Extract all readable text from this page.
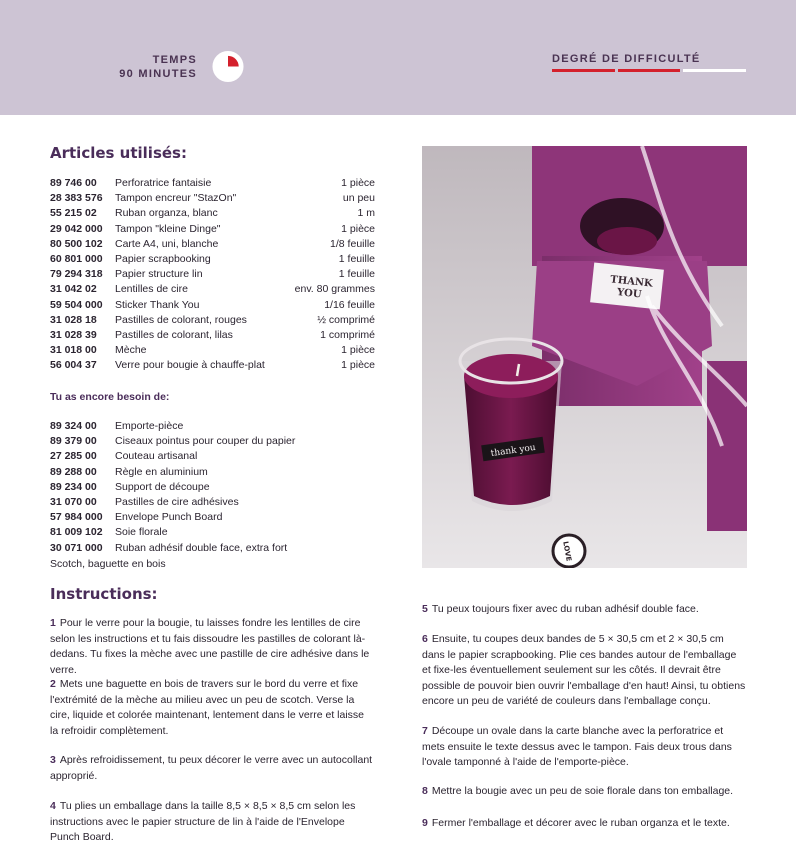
TEMPS
90 MINUTES
DEGRÉ DE DIFFICULTÉ
Articles utilisés:
89 746 00	Perforatrice fantaisie	1 pièce
28 383 576	Tampon encreur "StazOn"	un peu
55 215 02	Ruban organza, blanc	1 m
29 042 000	Tampon "kleine Dinge"	1 pièce
80 500 102	Carte A4, uni, blanche	1/8 feuille
60 801 000	Papier scrapbooking	1 feuille
79 294 318	Papier structure lin	1 feuille
31 042 02	Lentilles de cire	env. 80 grammes
59 504 000	Sticker Thank You	1/16 feuille
31 028 18	Pastilles de colorant, rouges	½ comprimé
31 028 39	Pastilles de colorant, lilas	1 comprimé
31 018 00	Mèche	1 pièce
56 004 37	Verre pour bougie à chauffe-plat	1 pièce
Tu as encore besoin de:
89 324 00	Emporte-pièce
89 379 00	Ciseaux pointus pour couper du papier
27 285 00	Couteau artisanal
89 288 00	Règle en aluminium
89 234 00	Support de découpe
31 070 00	Pastilles de cire adhésives
57 984 000	Envelope Punch Board
81 009 102	Soie florale
30 071 000	Ruban adhésif double face, extra fort
Scotch, baguette en bois
THANK
YOU
thank you
LOVE
Instructions:
1 Pour le verre pour la bougie, tu laisses fondre les lentilles de cire selon les instructions et tu fais dissoudre les pastilles de colorant là-dedans. Tu fixes la mèche avec une pastille de cire adhésive dans le verre.
2 Mets une baguette en bois de travers sur le bord du verre et fixe l'extrémité de la mèche au milieu avec un peu de scotch. Verse la cire, liquide et colorée maintenant, lentement dans le verre et laisse la refroidir complètement.
3 Après refroidissement, tu peux décorer le verre avec un autocollant approprié.
4 Tu plies un emballage dans la taille 8,5 × 8,5 × 8,5 cm selon les instructions avec le papier structure de lin à l'aide de l'Envelope Punch Board.
5 Tu peux toujours fixer avec du ruban adhésif double face.
6 Ensuite, tu coupes deux bandes de 5 × 30,5 cm et 2 × 30,5 cm dans le papier scrapbooking. Plie ces bandes autour de l'emballage et fixe-les éventuellement seulement sur les côtés. Il devrait être possible de pouvoir bien ouvrir l'emballage d'en haut! Ainsi, tu obtiens encore un peu de variété de couleurs dans l'emballage conçu.
7 Découpe un ovale dans la carte blanche avec la perforatrice et mets ensuite le texte dessus avec le tampon. Fais deux trous dans l'ovale tamponné à l'aide de l'emporte-pièce.
8 Mettre la bougie avec un peu de soie florale dans ton emballage.
9 Fermer l'emballage et décorer avec le ruban organza et le texte.
